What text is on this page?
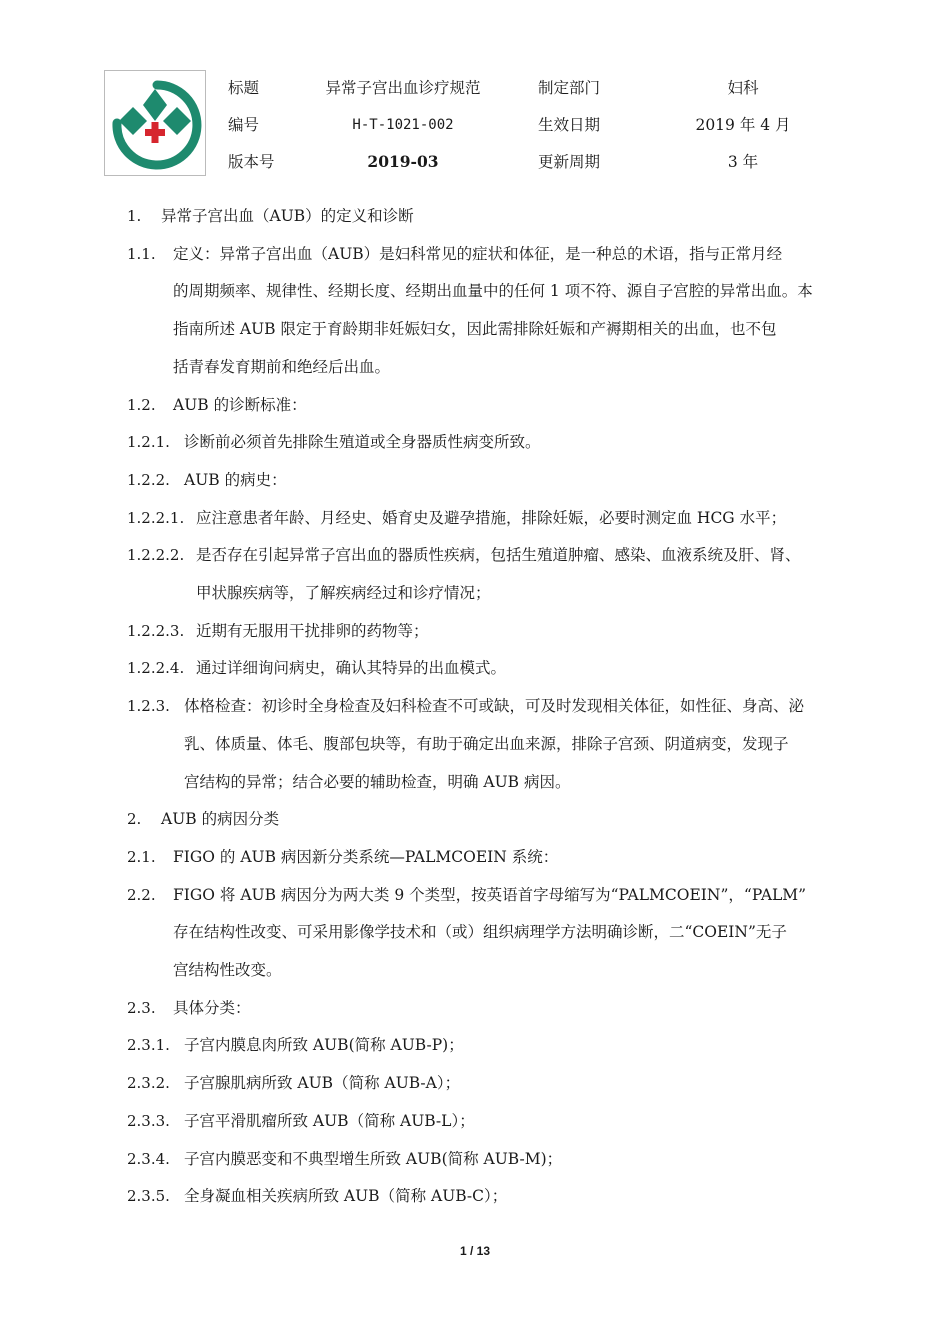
标题	异常子宫出血诊疗规范	制定部门	妇科
编号	H-T-1021-002	生效日期	2019 年 4 月
版本号	2019-03	更新周期	3 年
1. 异常子宫出血（AUB）的定义和诊断
1.1. 定义：异常子宫出血（AUB）是妇科常见的症状和体征，是一种总的术语，指与正常月经
的周期频率、规律性、经期长度、经期出血量中的任何 1 项不符、源自子宫腔的异常出血。本
指南所述 AUB 限定于育龄期非妊娠妇女，因此需排除妊娠和产褥期相关的出血，也不包
括青春发育期前和绝经后出血。
1.2. AUB 的诊断标准：
1.2.1. 诊断前必须首先排除生殖道或全身器质性病变所致。
1.2.2. AUB 的病史：
1.2.2.1. 应注意患者年龄、月经史、婚育史及避孕措施，排除妊娠，必要时测定血 HCG 水平；
1.2.2.2. 是否存在引起异常子宫出血的器质性疾病，包括生殖道肿瘤、感染、血液系统及肝、肾、
甲状腺疾病等，了解疾病经过和诊疗情况；
1.2.2.3. 近期有无服用干扰排卵的药物等；
1.2.2.4. 通过详细询问病史，确认其特异的出血模式。
1.2.3. 体格检查：初诊时全身检查及妇科检查不可或缺，可及时发现相关体征，如性征、身高、泌
乳、体质量、体毛、腹部包块等，有助于确定出血来源，排除子宫颈、阴道病变，发现子
宫结构的异常；结合必要的辅助检查，明确 AUB 病因。
2. AUB 的病因分类
2.1. FIGO 的 AUB 病因新分类系统—PALMCOEIN 系统：
2.2. FIGO 将 AUB 病因分为两大类 9 个类型，按英语首字母缩写为“PALMCOEIN”，“PALM”
存在结构性改变、可采用影像学技术和（或）组织病理学方法明确诊断，二“COEIN”无子
宫结构性改变。
2.3. 具体分类：
2.3.1. 子宫内膜息肉所致 AUB(简称 AUB-P)；
2.3.2. 子宫腺肌病所致 AUB（简称 AUB-A）；
2.3.3. 子宫平滑肌瘤所致 AUB（简称 AUB-L）；
2.3.4. 子宫内膜恶变和不典型增生所致 AUB(简称 AUB-M)；
2.3.5. 全身凝血相关疾病所致 AUB（简称 AUB-C）；
1 / 13
